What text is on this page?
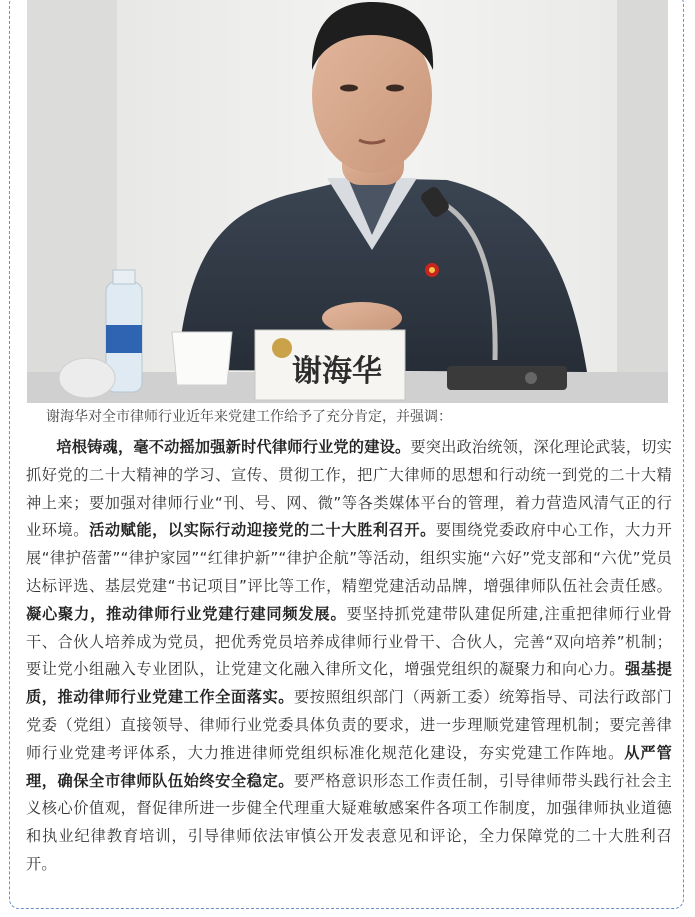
谢海华
谢海华对全市律师行业近年来党建工作给予了充分肯定，并强调：

培根铸魂，毫不动摇加强新时代律师行业党的建设。要突出政治统领，深化理论武装，切实抓好党的二十大精神的学习、宣传、贯彻工作，把广大律师的思想和行动统一到党的二十大精神上来；要加强对律师行业“刊、号、网、微”等各类媒体平台的管理，着力营造风清气正的行业环境。活动赋能，以实际行动迎接党的二十大胜利召开。要围绕党委政府中心工作，大力开展“律护蓓蕾”“律护家园”“红律护新”“律护企航”等活动，组织实施“六好”党支部和“六优”党员达标评选、基层党建“书记项目”评比等工作，精塑党建活动品牌，增强律师队伍社会责任感。凝心聚力，推动律师行业党建行建同频发展。要坚持抓党建带队建促所建,注重把律师行业骨干、合伙人培养成为党员，把优秀党员培养成律师行业骨干、合伙人，完善“双向培养”机制；要让党小组融入专业团队，让党建文化融入律所文化，增强党组织的凝聚力和向心力。强基提质，推动律师行业党建工作全面落实。要按照组织部门（两新工委）统筹指导、司法行政部门党委（党组）直接领导、律师行业党委具体负责的要求，进一步理顺党建管理机制；要完善律师行业党建考评体系，大力推进律师党组织标准化规范化建设，夯实党建工作阵地。从严管理，确保全市律师队伍始终安全稳定。要严格意识形态工作责任制，引导律师带头践行社会主义核心价值观，督促律所进一步健全代理重大疑难敏感案件各项工作制度，加强律师执业道德和执业纪律教育培训，引导律师依法审慎公开发表意见和评论，全力保障党的二十大胜利召开。
